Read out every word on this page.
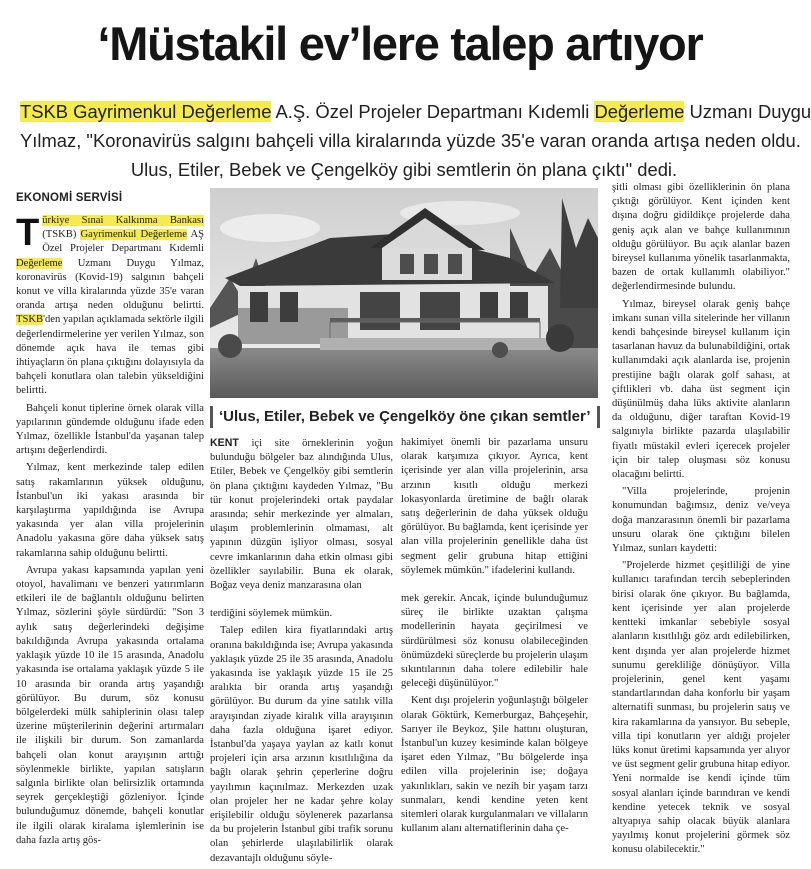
‘Müstakil ev’lere talep artıyor
TSKB Gayrimenkul Değerleme A.Ş. Özel Projeler Departmanı Kıdemli Değerleme Uzmanı Duygu
Yılmaz, "Koronavirüs salgını bahçeli villa kiralarında yüzde 35'e varan oranda artışa neden oldu.
Ulus, Etiler, Bebek ve Çengelköy gibi semtlerin ön plana çıktı" dedi.
EKONOMİ SERVİSİ

Türkiye Sınai Kalkınma Bankası (TSKB) Gayrimenkul Değerleme AŞ Özel Projeler Departmanı Kıdemli Değerleme Uzmanı Duygu Yılmaz, koronavirüs (Kovid-19) salgının bahçeli konut ve villa kiralarında yüzde 35'e varan oranda artışa neden olduğunu belirtti. TSKB'den yapılan açıklamada sektörle ilgili değerlendirmelerine yer verilen Yılmaz, son dönemde açık hava ile temas gibi ihtiyaçların ön plana çıktığını dolayısıyla da bahçeli konutlara olan talebin yükseldiğini belirtti.

Bahçeli konut tiplerine örnek olarak villa yapılarının gündemde olduğunu ifade eden Yılmaz, özellikle İstanbul'da yaşanan talep artışını değerlendirdi.

Yılmaz, kent merkezinde talep edilen satış rakamlarının yüksek olduğunu, İstanbul'un iki yakası arasında bir karşılaştırma yapıldığında ise Avrupa yakasında yer alan villa projelerinin Anadolu yakasına göre daha yüksek satış rakamlarına sahip olduğunu belirtti.

Avrupa yakası kapsamında yapılan yeni otoyol, havalimanı ve benzeri yatırımların etkileri ile de bağlantılı olduğunu belirten Yılmaz, sözlerini şöyle sürdürdü: "Son 3 aylık satış değerlerindeki değişime bakıldığında Avrupa yakasında ortalama yaklaşık yüzde 10 ile 15 arasında, Anadolu yakasında ise ortalama yaklaşık yüzde 5 ile 10 arasında bir oranda artış yaşandığı görülüyor. Bu durum, söz konusu bölgelerdeki mülk sahiplerinin olası talep üzerine müşterilerinin değerini artırmaları ile ilişkili bir durum. Son zamanlarda bahçeli olan konut arayışının arttığı söylenmekle birlikte, yapılan satışların salgınla birlikte olan belirsizlik ortamında seyrek gerçekleştiği gözleniyor. İçinde bulunduğumuz dönemde, bahçeli konutlar ile ilgili olarak kiralama işlemlerinin ise daha fazla artış gös-

‘Ulus, Etiler, Bebek ve Çengelköy öne çıkan semtler’

KENT içi site örneklerinin yoğun bulunduğu bölgeler baz alındığında Ulus, Etiler, Bebek ve Çengelköy gibi semtlerin ön plana çıktığını kaydeden Yılmaz, "Bu tür konut projelerindeki ortak paydalar arasında; sehir merkezinde yer almaları, ulaşım problemlerinin olmaması, alt yapının düzgün işliyor olması, sosyal cevre imkanlarının daha etkin olması gibi özellikler sayılabilir. Buna ek olarak, Boğaz veya deniz manzarasına olan

terdiğini söylemek mümkün.

Talep edilen kira fiyatlarındaki artış oranına bakıldığında ise; Avrupa yakasında yaklaşık yüzde 25 ile 35 arasında, Anadolu yakasında ise yaklaşık yüzde 15 ile 25 aralıkta bir oranda artış yaşandığı görülüyor. Bu durum da yine satılık villa arayışından ziyade kiralık villa arayışının daha fazla olduğuna işaret ediyor. İstanbul'da yaşaya yaylan az katlı konut projeleri için arsa arzının kısıtlılığına da bağlı olarak şehrin çeperlerine doğru yayılımın kaçınılmaz. Merkezden uzak olan projeler her ne kadar şehre kolay erişilebilir olduğu söylenerek pazarlansa da bu projelerin İstanbul gibi trafik sorunu olan şehirlerde ulaşılabilirlik olarak dezavantajlı olduğunu söyle-

hakimiyet önemli bir pazarlama unsuru olarak karşımıza çıkıyor. Ayrıca, kent içerisinde yer alan villa projelerinin, arsa arzının kısıtlı olduğu merkezi lokasyonlarda üretimine de bağlı olarak satış değerlerinin de daha yüksek olduğu görülüyor. Bu bağlamda, kent içerisinde yer alan villa projelerinin genellikle daha üst segment gelir grubuna hitap ettiğini söylemek mümkün." ifadelerini kullandı.

mek gerekir. Ancak, içinde bulunduğumuz süreç ile birlikte uzaktan çalışma modellerinin hayata geçirilmesi ve sürdürülmesi söz konusu olabileceğinden önümüzdeki süreçlerde bu projelerin ulaşım sıkıntılarının daha tolere edilebilir hale geleceği düşünülüyor."

Kent dışı projelerin yoğunlaştığı bölgeler olarak Göktürk, Kemerburgaz, Bahçeşehir, Sarıyer ile Beykoz, Şile hattını oluşturan, İstanbul'un kuzey kesiminde kalan bölgeye işaret eden Yılmaz, "Bu bölgelerde inşa edilen villa projelerinin ise; doğaya yakınlıkları, sakin ve nezih bir yaşam tarzı sunmaları, kendi kendine yeten kent sitemleri olarak kurgulanmaları ve villaların kullanım alanı alternatiflerinin daha çe-

şitli olması gibi özelliklerinin ön plana çıktığı görülüyor. Kent içinden kent dışına doğru gidildikçe projelerde daha geniş açık alan ve bahçe kullanımının olduğu görülüyor. Bu açık alanlar bazen bireysel kullanıma yönelik tasarlanmakta, bazen de ortak kullanımlı olabiliyor." değerlendirmesinde bulundu.

Yılmaz, bireysel olarak geniş bahçe imkanı sunan villa sitelerinde her villanın kendi bahçesinde bireysel kullanım için tasarlanan havuz da bulunabildiğini, ortak kullanımdaki açık alanlarda ise, projenin prestijine bağlı olarak golf sahası, at çiftlikleri vb. daha üst segment için düşünülmüş daha lüks aktivite alanların da olduğunu, diğer taraftan Kovid-19 salgınıyla birlikte pazarda ulaşılabilir fiyatlı müstakil evleri içerecek projeler için bir talep oluşması söz konusu olacağını belirtti.

"Villa projelerinde, projenin konumundan bağımsız, deniz ve/veya doğa manzarasının önemli bir pazarlama unsuru olarak öne çıktığını bilelen Yılmaz, sunları kaydetti:

"Projelerde hizmet çeşitliliği de yine kullanıcı tarafından tercih sebeplerinden birisi olarak öne çıkıyor. Bu bağlamda, kent içerisinde yer alan projelerde kentteki imkanlar sebebiyle sosyal alanların kısıtlılığı göz ardı edilebilirken, kent dışında yer alan projelerde hizmet sunumu gerekliliğe dönüşüyor. Villa projelerinin, genel kent yaşamı standartlarından daha konforlu bir yaşam alternatifi sunması, bu projelerin satış ve kira rakamlarına da yansıyor. Bu sebeple, villa tipi konutların yer aldığı projeler lüks konut üretimi kapsamında yer alıyor ve üst segment gelir grubuna hitap ediyor. Yeni normalde ise kendi içinde tüm sosyal alanları içinde barındıran ve kendi kendine yetecek teknik ve sosyal altyapıya sahip olacak büyük alanlara yayılmış konut projelerini görmek söz konusu olabilecektir."
